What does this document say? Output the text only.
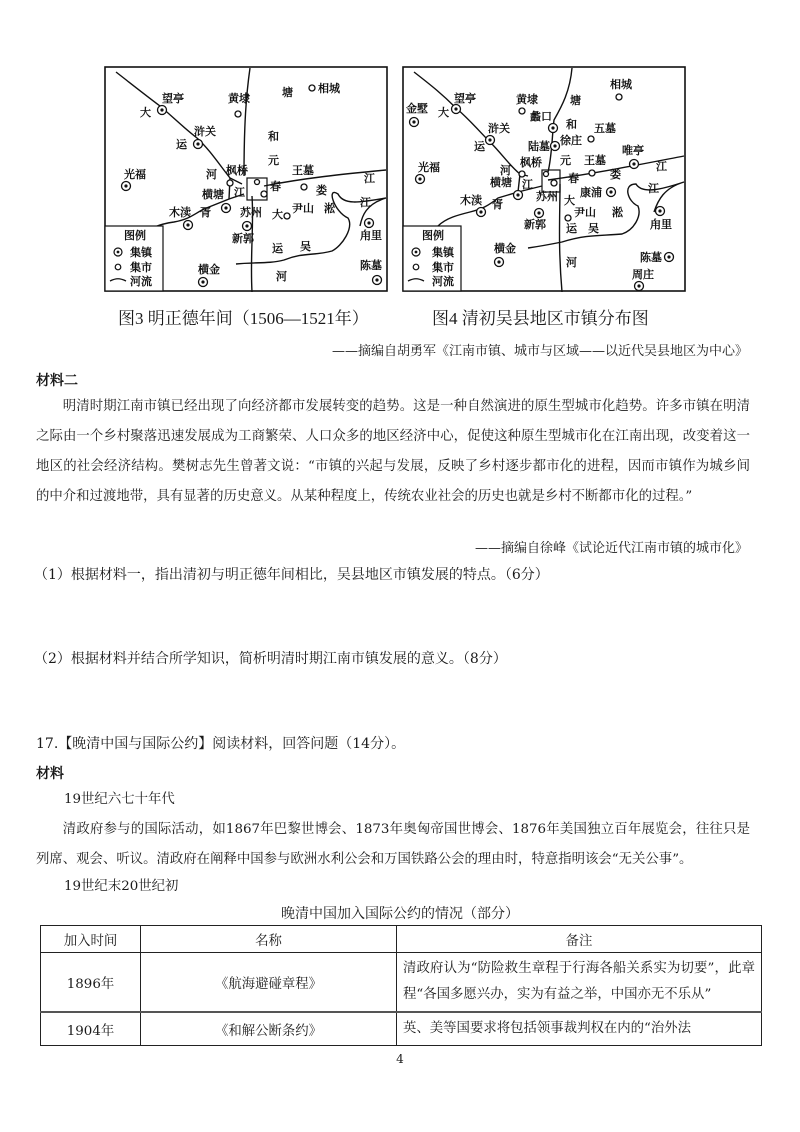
望亭
浒关
光福
横塘
木渎
新郭
横金
甪里
陈墓
黄埭
相城
枫桥	王墓
尹山
苏州
大
运
河
江
塘
和
元
春	娄
江
江
淞
大
运 吴
河
胥
图例
集镇
集市
河流
金墅
望亭
浒关
光福
蠡口
陆墓
横塘
木渎
新郭
横金
唯亭
康浦
甪里
陈墓
周庄
黄埭
相城
徐庄
五墓
枫桥	王墓
尹山
苏州
大
运
河
江
塘
和
元
春	娄
江
江
淞
大
运 吴
河
胥
图例
集镇
集市
河流
图3 明正德年间（1506—1521年）	图4 清初吴县地区市镇分布图
——摘编自胡勇军《江南市镇、城市与区域——以近代吴县地区为中心》
材料二
明清时期江南市镇已经出现了向经济都市发展转变的趋势。这是一种自然演进的原生型城市化趋势。许多市镇在明清之际由一个乡村聚落迅速发展成为工商繁荣、人口众多的地区经济中心，促使这种原生型城市化在江南出现，改变着这一地区的社会经济结构。樊树志先生曾著文说：“市镇的兴起与发展，反映了乡村逐步都市化的进程，因而市镇作为城乡间的中介和过渡地带，具有显著的历史意义。从某种程度上，传统农业社会的历史也就是乡村不断都市化的过程。”
——摘编自徐峰《试论近代江南市镇的城市化》
（1）根据材料一，指出清初与明正德年间相比，吴县地区市镇发展的特点。（6分）
（2）根据材料并结合所学知识，简析明清时期江南市镇发展的意义。（8分）
17.【晚清中国与国际公约】阅读材料，回答问题（14分）。
材料
19世纪六七十年代
清政府参与的国际活动，如1867年巴黎世博会、1873年奥匈帝国世博会、1876年美国独立百年展览会，往往只是列席、观会、听议。清政府在阐释中国参与欧洲水利公会和万国铁路公会的理由时，特意指明该会“无关公事”。
19世纪末20世纪初
晚清中国加入国际公约的情况（部分）
加入时间	名称	备注
1896年	《航海避碰章程》	清政府认为“防险救生章程于行海各船关系实为切要”，此章程“各国多愿兴办，实为有益之举，中国亦无不乐从”
1904年	《和解公断条约》	英、美等国要求将包括领事裁判权在内的“治外法
4
